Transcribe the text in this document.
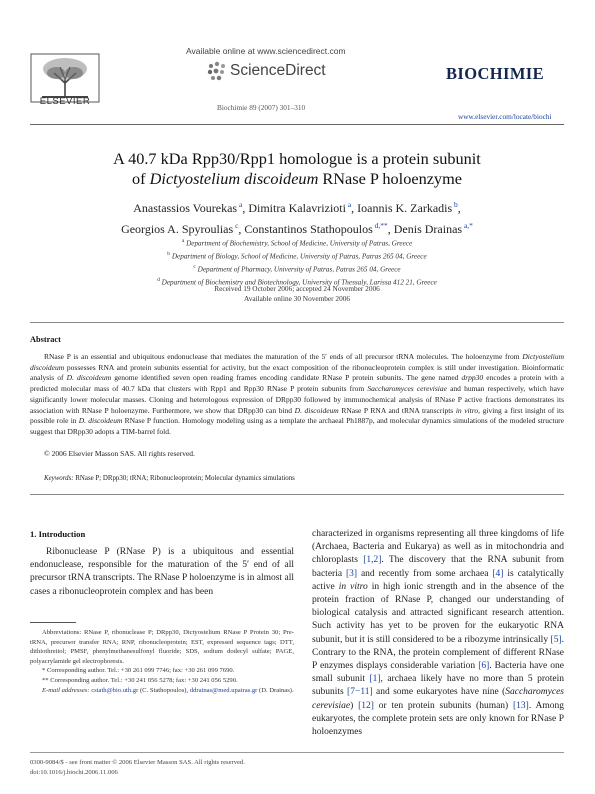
ELSEVIER
Available online at www.sciencedirect.com
ScienceDirect
Biochimie 89 (2007) 301–310
BIOCHIMIE
www.elsevier.com/locate/biochi
A 40.7 kDa Rpp30/Rpp1 homologue is a protein subunit
of Dictyostelium discoideum RNase P holoenzyme
Anastassios Vourekas $^a$, Dimitra Kalavrizioti $^a$, Ioannis K. Zarkadis $^b$,
Georgios A. Spyroulias $^c$, Constantinos Stathopoulos $^{d,**}$, Denis Drainas $^{a,*}$
$^a$ Department of Biochemistry, School of Medicine, University of Patras, Greece
$^b$ Department of Biology, School of Medicine, University of Patras, Patras 265 04, Greece
$^c$ Department of Pharmacy, University of Patras, Patras 265 04, Greece
$^d$ Department of Biochemistry and Biotechnology, University of Thessaly, Larissa 412 21, Greece
Received 19 October 2006; accepted 24 November 2006
Available online 30 November 2006
Abstract

RNase P is an essential and ubiquitous endonuclease that mediates the maturation of the 5′ ends of all precursor tRNA molecules. The holoenzyme from Dictyostelium discoideum possesses RNA and protein subunits essential for activity, but the exact composition of the ribonucleoprotein complex is still under investigation. Bioinformatic analysis of D. discoideum genome identified seven open reading frames encoding candidate RNase P protein subunits. The gene named drpp30 encodes a protein with a predicted molecular mass of 40.7 kDa that clusters with Rpp1 and Rpp30 RNase P protein subunits from Saccharomyces cerevisiae and human respectively, which have significantly lower molecular masses. Cloning and heterologous expression of DRpp30 followed by immunochemical analysis of RNase P active fractions demonstrates its association with RNase P holoenzyme. Furthermore, we show that DRpp30 can bind D. discoideum RNase P RNA and tRNA transcripts in vitro, giving a first insight of its possible role in D. discoideum RNase P function. Homology modeling using as a template the archaeal Ph1887p, and molecular dynamics simulations of the modeled structure suggest that DRpp30 adopts a TIM-barrel fold.

© 2006 Elsevier Masson SAS. All rights reserved.
Keywords: RNase P; DRpp30; tRNA; Ribonucleoprotein; Molecular dynamics simulations
1. Introduction

Ribonuclease P (RNase P) is a ubiquitous and essential endonuclease, responsible for the maturation of the 5′ end of all precursor tRNA transcripts. The RNase P holoenzyme is in almost all cases a ribonucleoprotein complex and has been

characterized in organisms representing all three kingdoms of life (Archaea, Bacteria and Eukarya) as well as in mitochondria and chloroplasts [1,2]. The discovery that the RNA subunit from bacteria [3] and recently from some archaea [4] is catalytically active in vitro in high ionic strength and in the absence of the protein fraction of RNase P, changed our understanding of biological catalysis and attracted significant research attention. Such activity has yet to be proven for the eukaryotic RNA subunit, but it is still considered to be a ribozyme intrinsically [5]. Contrary to the RNA, the protein complement of different RNase P enzymes displays considerable variation [6]. Bacteria have one small subunit [1], archaea likely have no more than 5 protein subunits [7−11] and some eukaryotes have nine (Saccharomyces cerevisiae) [12] or ten protein subunits (human) [13]. Among eukaryotes, the complete protein sets are only known for RNase P holoenzymes

Abbreviations: RNase P, ribonuclease P; DRpp30, Dictyostelium RNase P Protein 30; Pre-tRNA, precursor transfer RNA; RNP, ribonucleoprotein; EST, expressed sequence tags; DTT, dithiothreitol; PMSF, phenylmethanesulfonyl fluoride; SDS, sodium dodecyl sulfate; PAGE, polyacrylamide gel electrophoresis.

* Corresponding author. Tel.: +30 261 099 7746; fax: +30 261 099 7690.

** Corresponding author. Tel.: +30 241 056 5278; fax: +30 241 056 5290.

E-mail addresses: cstath@bio.uth.gr (C. Stathopoulos), ddrainas@med.upatras.gr (D. Drainas).

0300-9084/$ - see front matter © 2006 Elsevier Masson SAS. All rights reserved.
doi:10.1016/j.biochi.2006.11.006
